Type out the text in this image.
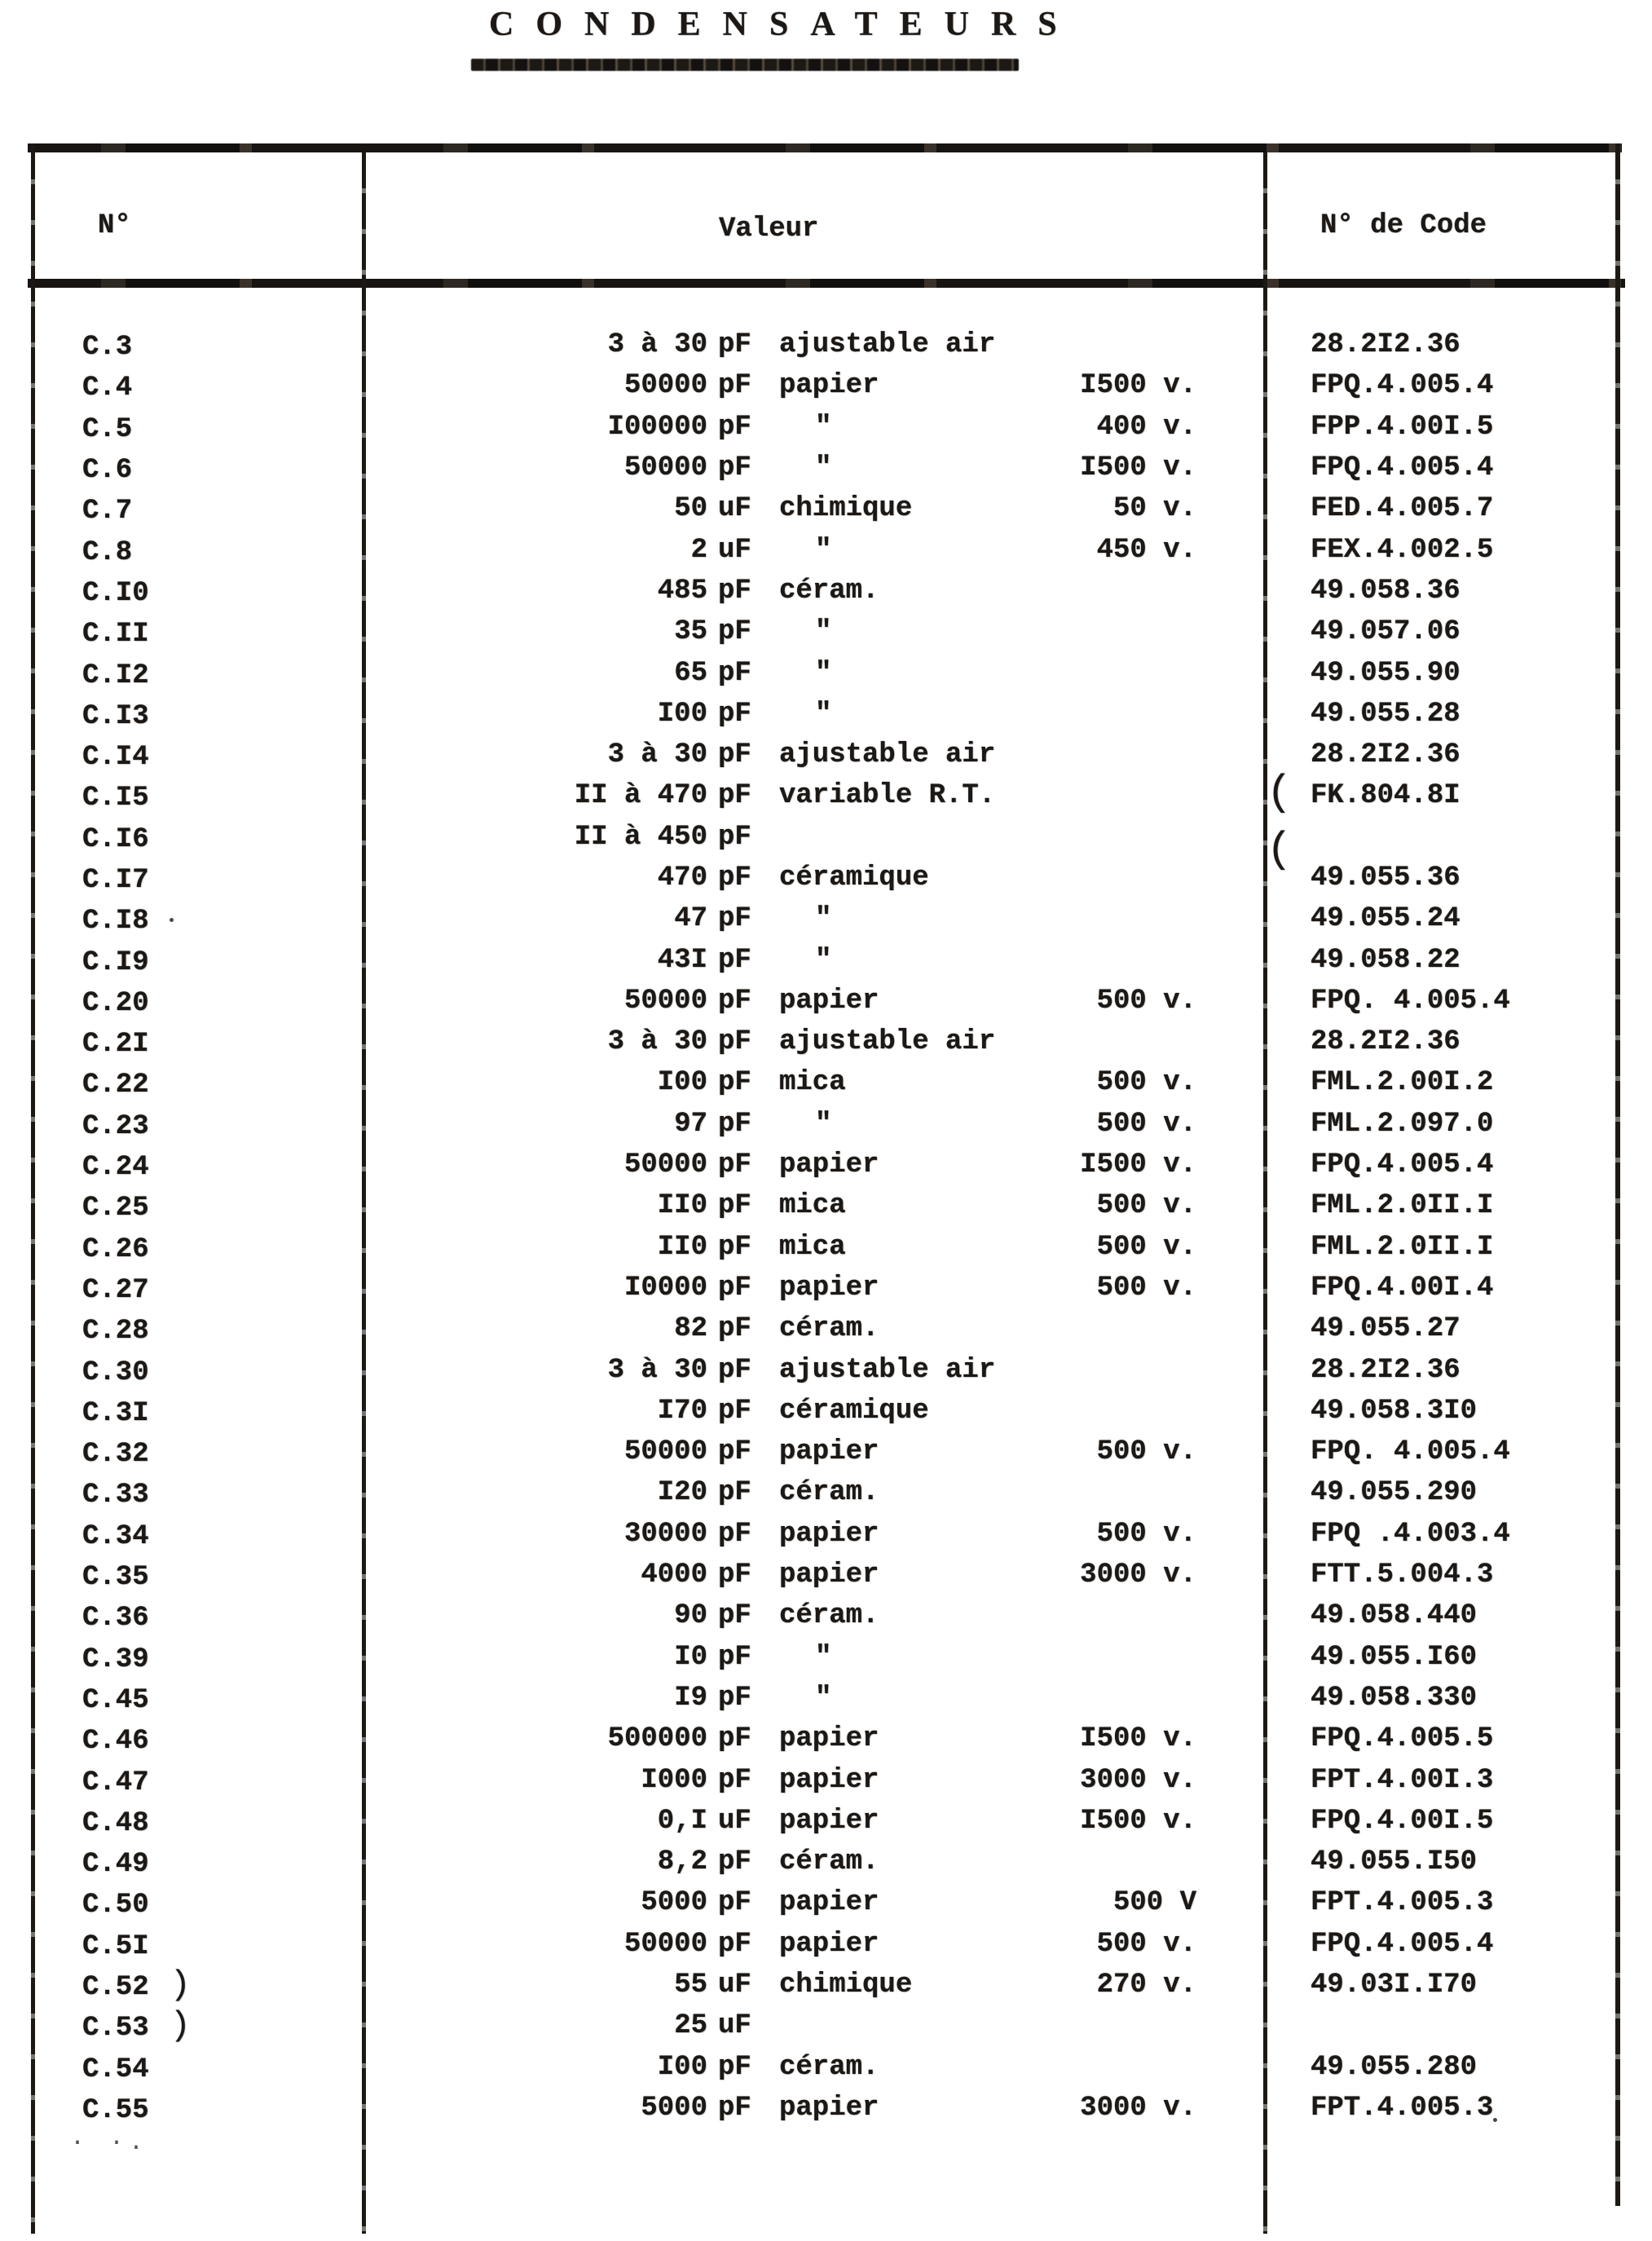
CONDENSATEURS
N°	Valeur	N° de Code
C.3	3 à 30 pF	ajustable air	28.2I2.36
C.4	50000 pF	papier	I500 v.	FPQ.4.005.4
C.5	I00000 pF	"	400 v.	FPP.4.00I.5
C.6	50000 pF	"	I500 v.	FPQ.4.005.4
C.7	50 uF	chimique	50 v.	FED.4.005.7
C.8	2 uF	"	450 v.	FEX.4.002.5
C.I0	485 pF	céram.	49.058.36
C.II	35 pF	"	49.057.06
C.I2	65 pF	"	49.055.90
C.I3	I00 pF	"	49.055.28
C.I4	3 à 30 pF	ajustable air	28.2I2.36
C.I5	II à 470 pF	variable R.T.	( FK.804.8I
C.I6	II à 450 pF	(
C.I7	470 pF	céramique	49.055.36
C.I8	47 pF	"	49.055.24
C.I9	43I pF	"	49.058.22
C.20	50000 pF	papier	500 v.	FPQ. 4.005.4
C.2I	3 à 30 pF	ajustable air	28.2I2.36
C.22	I00 pF	mica	500 v.	FML.2.00I.2
C.23	97 pF	"	500 v.	FML.2.097.0
C.24	50000 pF	papier	I500 v.	FPQ.4.005.4
C.25	II0 pF	mica	500 v.	FML.2.0II.I
C.26	II0 pF	mica	500 v.	FML.2.0II.I
C.27	I0000 pF	papier	500 v.	FPQ.4.00I.4
C.28	82 pF	céram.	49.055.27
C.30	3 à 30 pF	ajustable air	28.2I2.36
C.3I	I70 pF	céramique	49.058.3I0
C.32	50000 pF	papier	500 v.	FPQ. 4.005.4
C.33	I20 pF	céram.	49.055.290
C.34	30000 pF	papier	500 v.	FPQ .4.003.4
C.35	4000 pF	papier	3000 v.	FTT.5.004.3
C.36	90 pF	céram.	49.058.440
C.39	I0 pF	"	49.055.I60
C.45	I9 pF	"	49.058.330
C.46	500000 pF	papier	I500 v.	FPQ.4.005.5
C.47	I000 pF	papier	3000 v.	FPT.4.00I.3
C.48	0,I uF	papier	I500 v.	FPQ.4.00I.5
C.49	8,2 pF	céram.	49.055.I50
C.50	5000 pF	papier	500 V	FPT.4.005.3
C.5I	50000 pF	papier	500 v.	FPQ.4.005.4
C.52 )	55 uF	chimique	270 v.	49.03I.I70
C.53 )	25 uF
C.54	I00 pF	céram.	49.055.280
C.55	5000 pF	papier	3000 v.	FPT.4.005.3
· ·.
